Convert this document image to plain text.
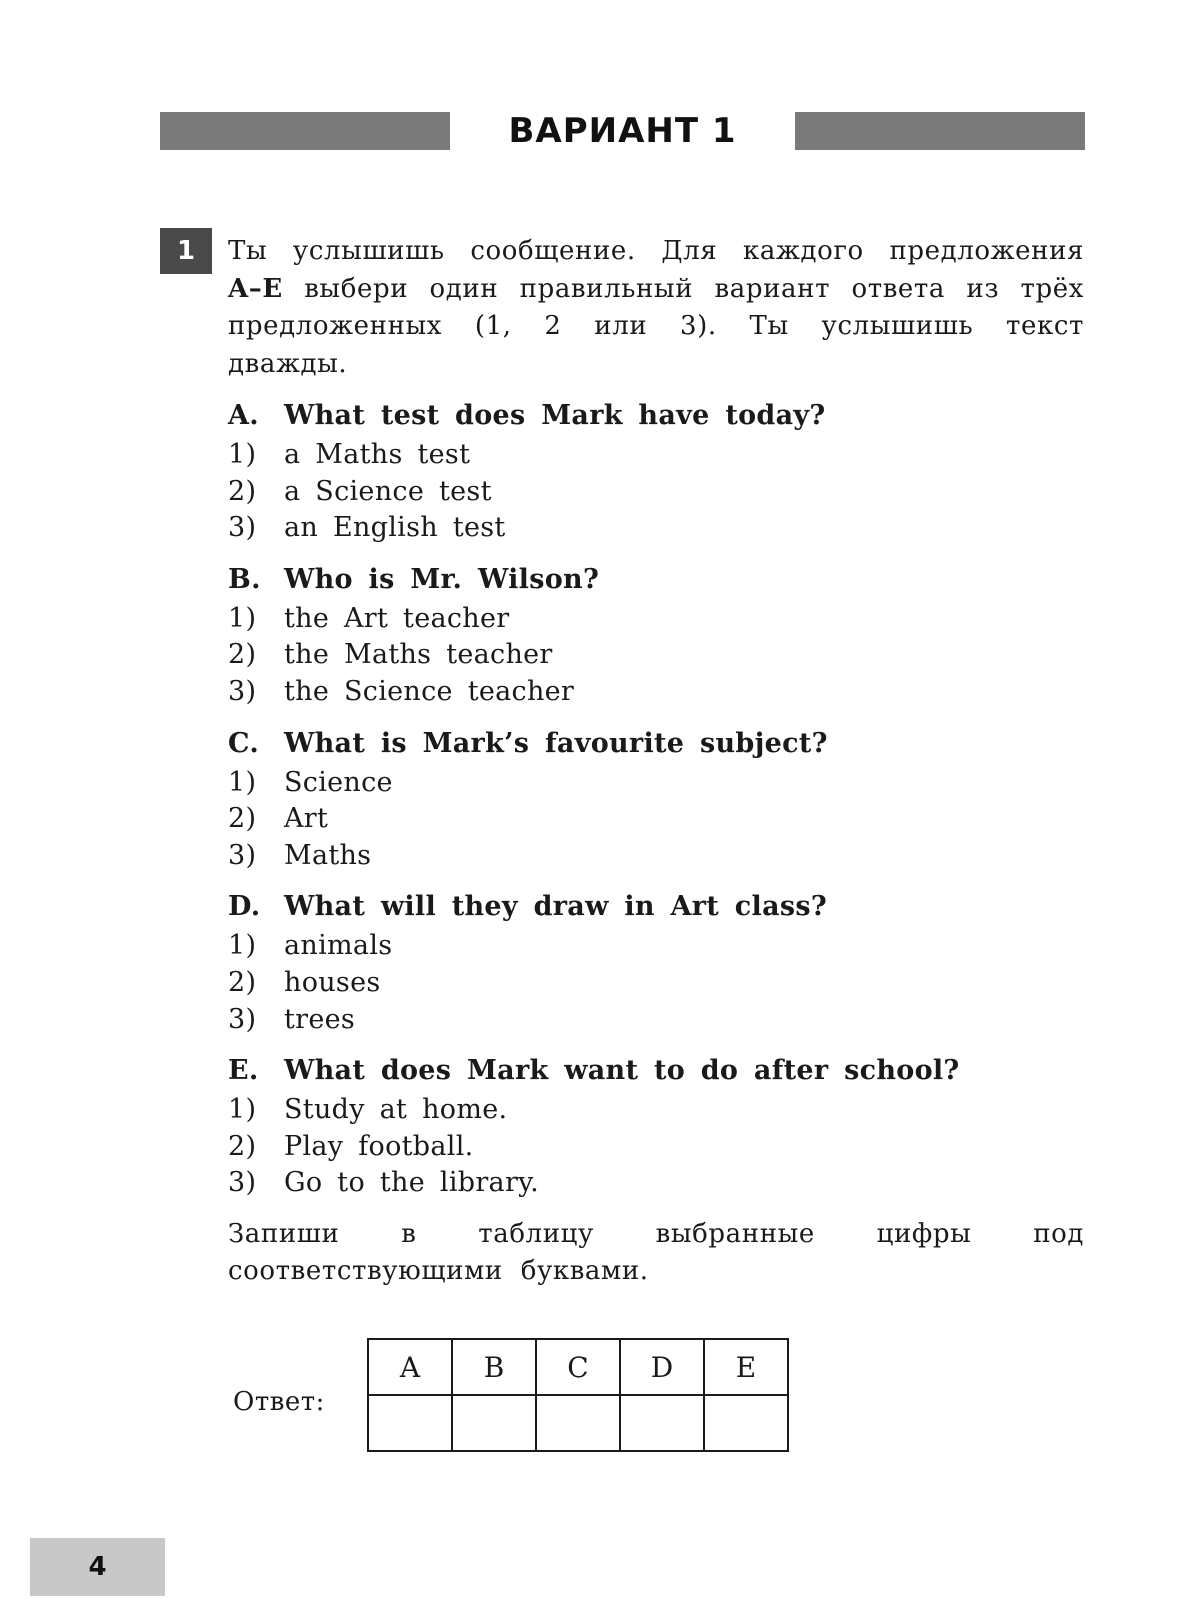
ВАРИАНТ 1
1	Ты услышишь сообщение. Для каждого предложения A–E выбери один правильный вариант ответа из трёх предложенных (1, 2 или 3). Ты услышишь текст дважды.

A. What test does Mark have today?
1)	a Maths test
2)	a Science test
3)	an English test
B. Who is Mr. Wilson?
1)	the Art teacher
2)	the Maths teacher
3)	the Science teacher
C. What is Mark’s favourite subject?
1)	Science
2)	Art
3)	Maths
D. What will they draw in Art class?
1)	animals
2)	houses
3)	trees
E. What does Mark want to do after school?
1)	Study at home.
2)	Play football.
3)	Go to the library.

Запиши в таблицу выбранные цифры под соответствующими буквами.

Ответ:
A	B	C	D	E

4
